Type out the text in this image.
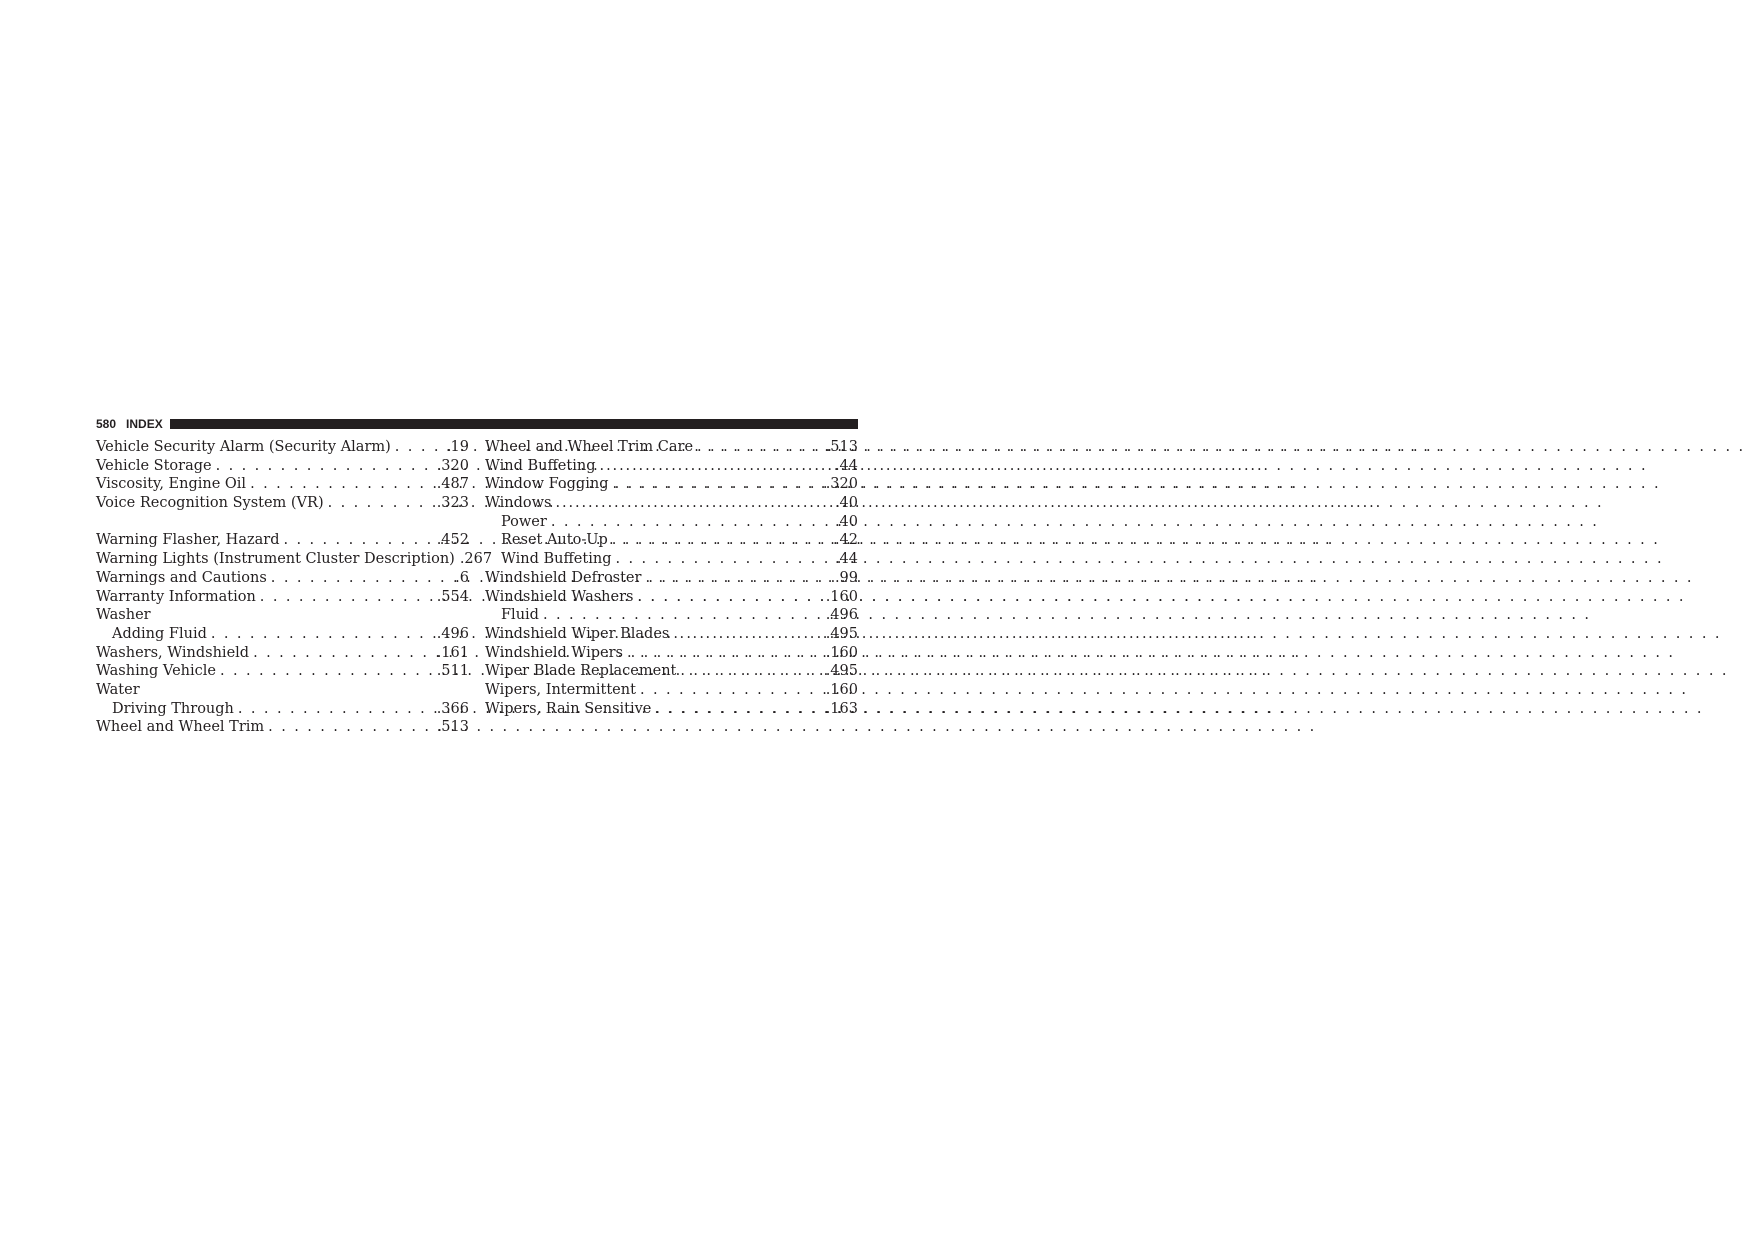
580 INDEX
Vehicle Security Alarm (Security Alarm) . . .	.19
Vehicle Storage . . .	.320
Viscosity, Engine Oil . . .	.487
Voice Recognition System (VR) . . .	.323
Warning Flasher, Hazard . . .	.452
Warning Lights (Instrument Cluster Description) .267
Warnings and Cautions . . .	.6
Warranty Information . . .	.554
Washer
Adding Fluid . . .	.496
Washers, Windshield . . .	.161
Washing Vehicle . . .	.511
Water
Driving Through . . .	.366
Wheel and Wheel Trim . . .	.513
Wheel and Wheel Trim Care . . .	.513
Wind Buffeting . . .	.44
Window Fogging . . .	.320
Windows . . .	.40
Power . . .	.40
Reset Auto-Up . . .	.42
Wind Buffeting . . .	.44
Windshield Defroster . . .	.99
Windshield Washers . . .	.160
Fluid . . .	.496
Windshield Wiper Blades . . .	.495
Windshield Wipers . . .	.160
Wiper Blade Replacement . . .	.495
Wipers, Intermittent . . .	.160
Wipers, Rain Sensitive . . .	.163
